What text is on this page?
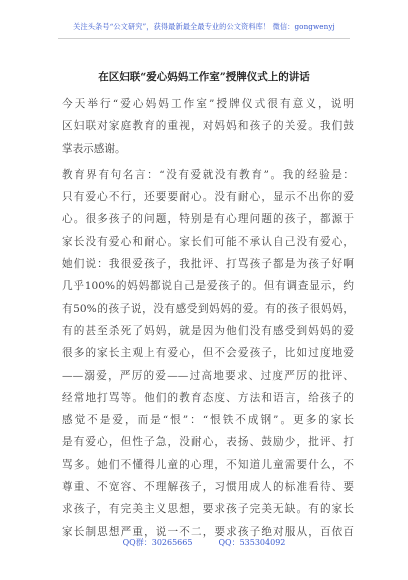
关注头条号“公文研究”，获得最新最全最专业的公文资料库！ 微信：gongwenyj
在区妇联“爱心妈妈工作室”授牌仪式上的讲话
今天举行“爱心妈妈工作室”授牌仪式很有意义，说明
区妇联对家庭教育的重视，对妈妈和孩子的关爱。我们鼓
掌表示感谢。
教育界有句名言：“没有爱就没有教育”。我的经验是：
只有爱心不行，还要要耐心。没有耐心，显示不出你的爱
心。很多孩子的问题，特别是有心理问题的孩子，都源于
家长没有爱心和耐心。家长们可能不承认自己没有爱心，
她们说：我很爱孩子，我批评、打骂孩子都是为孩子好啊
几乎100%的妈妈都说自己是爱孩子的。但有调查显示，约
有50%的孩子说，没有感受到妈妈的爱。有的孩子很妈妈，
有的甚至杀死了妈妈，就是因为他们没有感受到妈妈的爱
很多的家长主观上有爱心，但不会爱孩子，比如过度地爱
——溺爱，严厉的爱——过高地要求、过度严厉的批评、
经常地打骂等。他们的教育态度、方法和语言，给孩子的
感觉不是爱，而是“恨”：“恨铁不成钢”。更多的家长
是有爱心，但性子急，没耐心，表扬、鼓励少，批评、打
骂多。她们不懂得儿童的心理，不知道儿童需要什么，不
尊重、不宽容、不理解孩子，习惯用成人的标准看待、要
求孩子，有完美主义思想，要求孩子完美无缺。有的家长
家长制思想严重，说一不二，要求孩子绝对服从，百依百
QQ群：30265665	QQ：535304092
